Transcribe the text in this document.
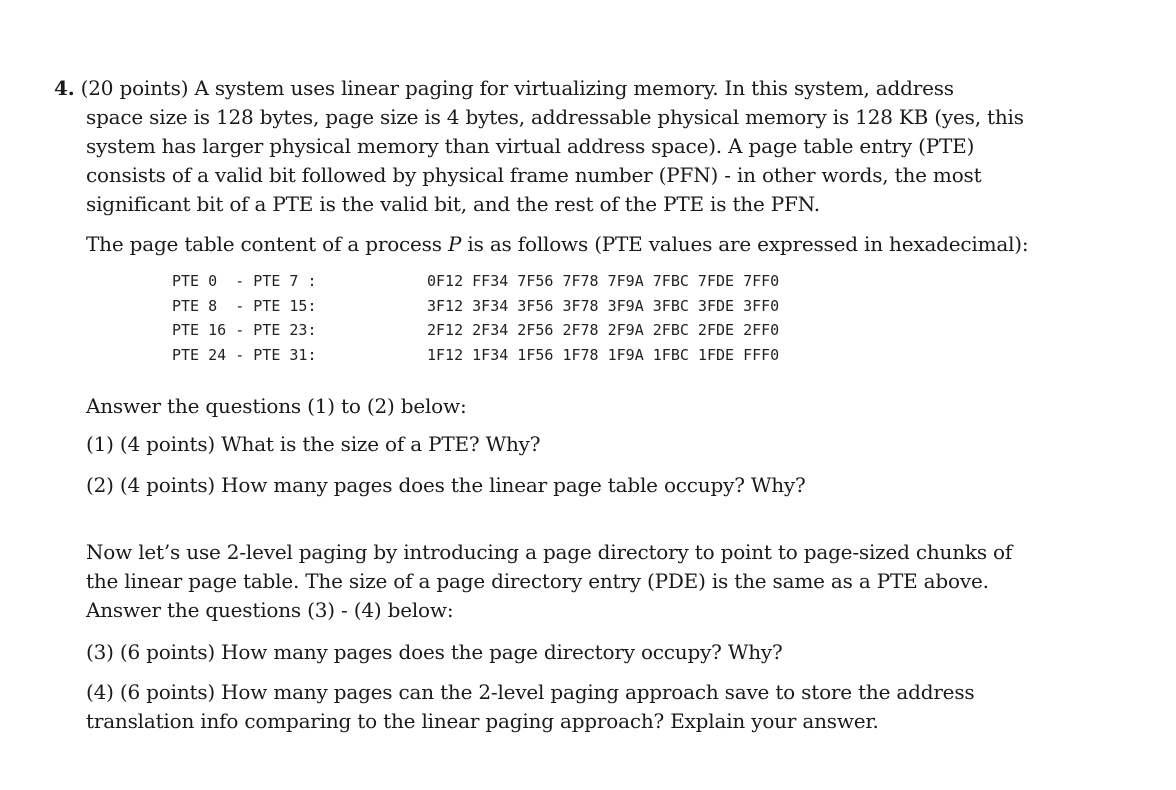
4. (20 points) A system uses linear paging for virtualizing memory. In this system, address
space size is 128 bytes, page size is 4 bytes, addressable physical memory is 128 KB (yes, this
system has larger physical memory than virtual address space). A page table entry (PTE)
consists of a valid bit followed by physical frame number (PFN) - in other words, the most
significant bit of a PTE is the valid bit, and the rest of the PTE is the PFN.
The page table content of a process P is as follows (PTE values are expressed in hexadecimal):
PTE 0  - PTE 7 :	0F12 FF34 7F56 7F78 7F9A 7FBC 7FDE 7FF0
PTE 8  - PTE 15:	3F12 3F34 3F56 3F78 3F9A 3FBC 3FDE 3FF0
PTE 16 - PTE 23:	2F12 2F34 2F56 2F78 2F9A 2FBC 2FDE 2FF0
PTE 24 - PTE 31:	1F12 1F34 1F56 1F78 1F9A 1FBC 1FDE FFF0
Answer the questions (1) to (2) below:
(1) (4 points) What is the size of a PTE? Why?
(2) (4 points) How many pages does the linear page table occupy? Why?
Now let’s use 2-level paging by introducing a page directory to point to page-sized chunks of
the linear page table. The size of a page directory entry (PDE) is the same as a PTE above.
Answer the questions (3) - (4) below:
(3) (6 points) How many pages does the page directory occupy? Why?
(4) (6 points) How many pages can the 2-level paging approach save to store the address
translation info comparing to the linear paging approach? Explain your answer.
